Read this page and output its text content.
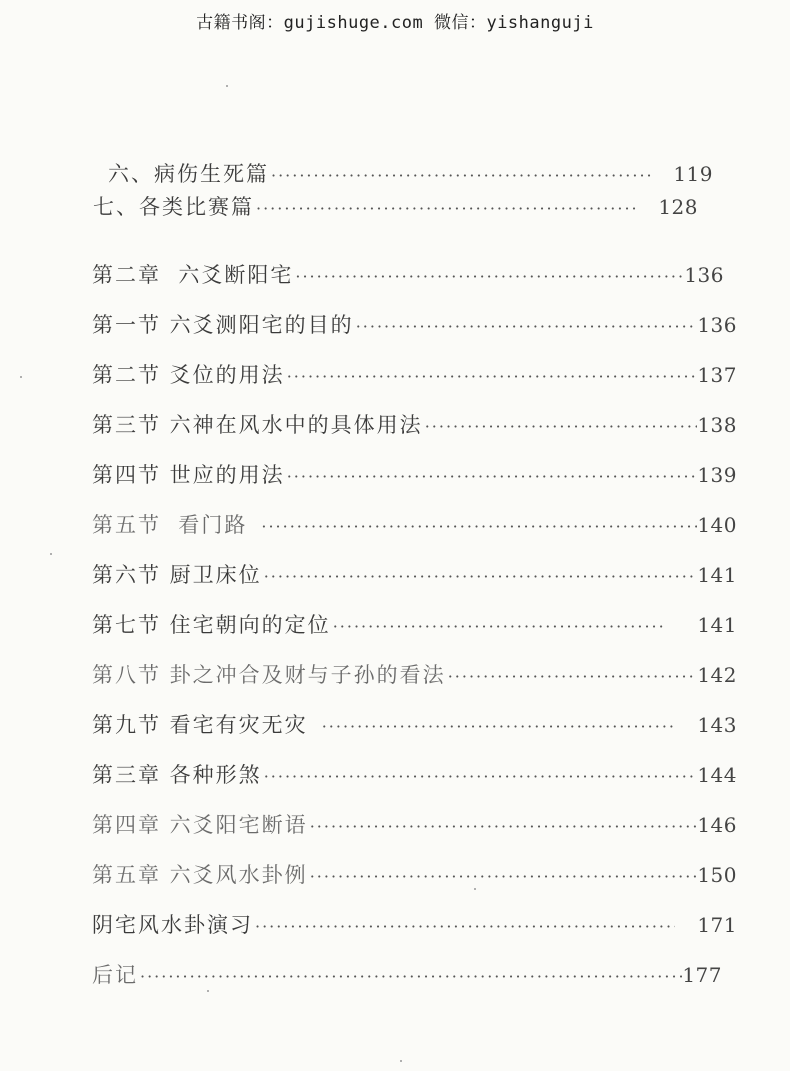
古籍书阁：gujishuge.com 微信：yishanguji
六、病伤生死篇 ·····	119
七、各类比赛篇 ·····	128
第二章  六爻断阳宅 ·····	136
第一节 六爻测阳宅的目的 ·····	136
第二节 爻位的用法 ·····	137
第三节 六神在风水中的具体用法 ·····	138
第四节 世应的用法 ·····	139
第五节  看门路 ·····	140
第六节 厨卫床位 ·····	141
第七节 住宅朝向的定位 ·····	141
第八节 卦之冲合及财与子孙的看法 ·····	142
第九节 看宅有灾无灾 ·····	143
第三章 各种形煞 ·····	144
第四章 六爻阳宅断语 ·····	146
第五章 六爻风水卦例 ·····	150
阴宅风水卦演习 ·····	171
后记 ·····	177
